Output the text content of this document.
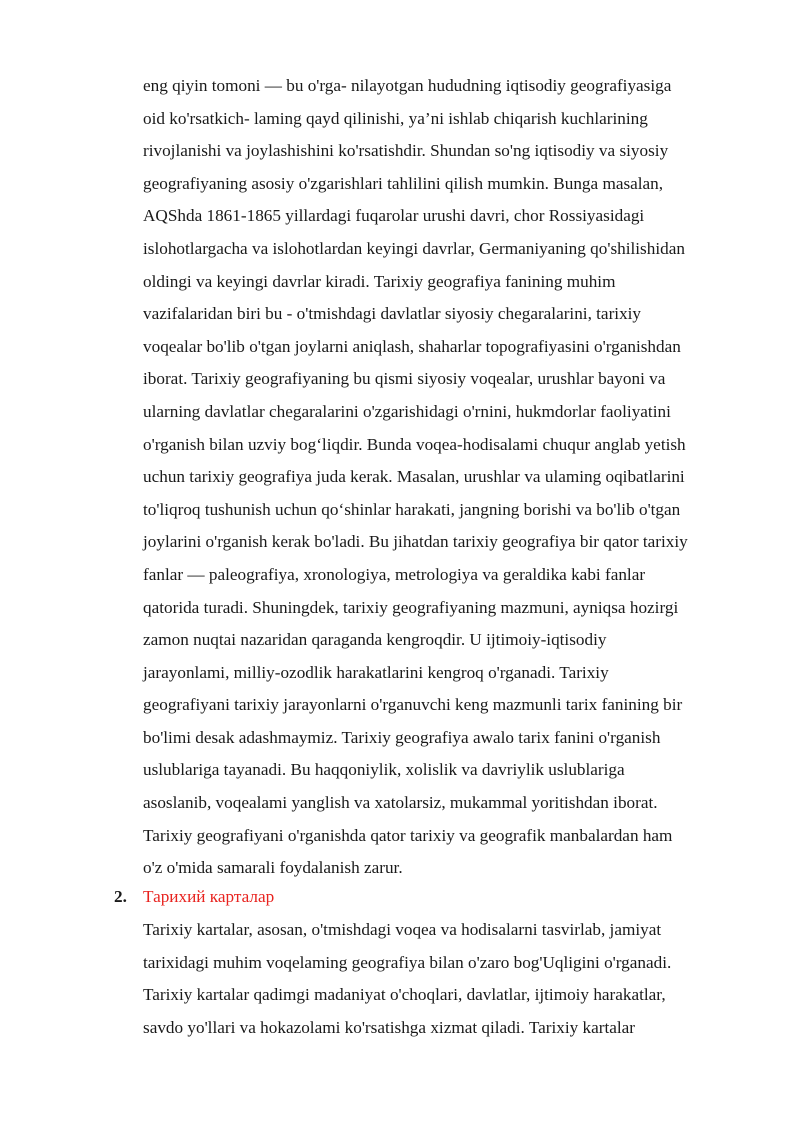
eng qiyin tomoni — bu o'rga- nilayotgan hududning iqtisodiy geografiyasiga
oid ko'rsatkich- laming qayd qilinishi, ya’ni ishlab chiqarish kuchlarining
rivojlanishi va joylashishini ko'rsatishdir. Shundan so'ng iqtisodiy va siyosiy
geografiyaning asosiy o'zgarishlari tahlilini qilish mumkin. Bunga masalan,
AQShda 1861-1865 yillardagi fuqarolar urushi davri, chor Rossiyasidagi
islohotlargacha va islohotlardan keyingi davrlar, Germaniyaning qo'shilishidan
oldingi va keyingi davrlar kiradi. Tarixiy geografiya fanining muhim
vazifalaridan biri bu - o'tmishdagi davlatlar siyosiy chegaralarini, tarixiy
voqealar bo'lib o'tgan joylarni aniqlash, shaharlar topografiyasini o'rganishdan
iborat. Tarixiy geografiyaning bu qismi siyosiy voqealar, urushlar bayoni va
ularning davlatlar chegaralarini o'zgarishidagi o'rnini, hukmdorlar faoliyatini
o'rganish bilan uzviy bog‘liqdir. Bunda voqea-hodisalami chuqur anglab yetish
uchun tarixiy geografiya juda kerak. Masalan, urushlar va ulaming oqibatlarini
to'liqroq tushunish uchun qo‘shinlar harakati, jangning borishi va bo'lib o'tgan
joylarini o'rganish kerak bo'ladi. Bu jihatdan tarixiy geografiya bir qator tarixiy
fanlar — paleografiya, xronologiya, metrologiya va geraldika kabi fanlar
qatorida turadi. Shuningdek, tarixiy geografiyaning mazmuni, ayniqsa hozirgi
zamon nuqtai nazaridan qaraganda kengroqdir. U ijtimoiy-iqtisodiy
jarayonlami, milliy-ozodlik harakatlarini kengroq o'rganadi. Tarixiy
geografiyani tarixiy jarayonlarni o'rganuvchi keng mazmunli tarix fanining bir
bo'limi desak adashmaymiz. Tarixiy geografiya awalo tarix fanini o'rganish
uslublariga tayanadi. Bu haqqoniylik, xolislik va davriylik uslublariga
asoslanib, voqealami yanglish va xatolarsiz, mukammal yoritishdan iborat.
Tarixiy geografiyani o'rganishda qator tarixiy va geografik manbalardan ham
o'z o'mida samarali foydalanish zarur.
2. Тарихий карталар
Tarixiy kartalar, asosan, o'tmishdagi voqea va hodisalarni tasvirlab, jamiyat
tarixidagi muhim voqelaming geografiya bilan o'zaro bog'Uqligini o'rganadi.
Tarixiy kartalar qadimgi madaniyat o'choqlari, davlatlar, ijtimoiy harakatlar,
savdo yo'llari va hokazolami ko'rsatishga xizmat qiladi. Tarixiy kartalar
